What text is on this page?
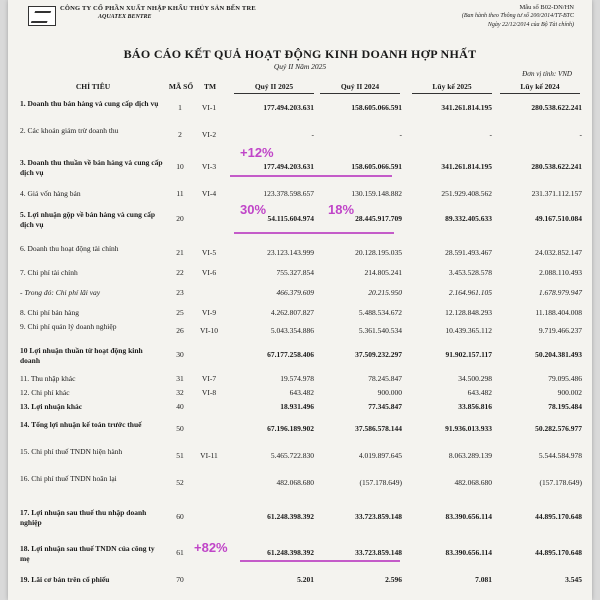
CÔNG TY CỔ PHẦN XUẤT NHẬP KHẨU THỦY SẢN BẾN TRE
AQUATEX BENTRE
Mẫu số B02-DN/HN
(Ban hành theo Thông tư số 200/2014/TT-BTC
Ngày 22/12/2014 của Bộ Tài chính)
BÁO CÁO KẾT QUẢ HOẠT ĐỘNG KINH DOANH HỢP NHẤT
Quý II Năm 2025
Đơn vị tính: VND
CHỈ TIÊU	MÃ SỐ	TM	Quý II 2025	Quý II 2024	Lũy kế 2025	Lũy kế 2024
1. Doanh thu bán hàng và cung cấp dịch vụ	1	VI-1	177.494.203.631	158.605.066.591	341.261.814.195	280.538.622.241
2. Các khoản giảm trừ doanh thu	2	VI-2	-	-	-	-
3. Doanh thu thuần về bán hàng và cung cấp dịch vụ
10	VI-3	177.494.203.631	158.605.066.591	341.261.814.195	280.538.622.241
4. Giá vốn hàng bán	11	VI-4	123.378.598.657	130.159.148.882	251.929.408.562	231.371.112.157
5. Lợi nhuận gộp về bán hàng và cung cấp dịch vụ
20	54.115.604.974	28.445.917.709	89.332.405.633	49.167.510.084
6. Doanh thu hoạt động tài chính	21	VI-5	23.123.143.999	20.128.195.035	28.591.493.467	24.032.852.147
7. Chi phí tài chính	22	VI-6	755.327.854	214.805.241	3.453.528.578	2.088.110.493
- Trong đó: Chi phí lãi vay	23	466.379.609	20.215.950	2.164.961.105	1.678.979.947
8. Chi phí bán hàng	25	VI-9	4.262.807.827	5.488.534.672	12.128.848.293	11.188.404.008
9. Chi phí quản lý doanh nghiệp	26	VI-10	5.043.354.886	5.361.540.534	10.439.365.112	9.719.466.237
10 Lợi nhuận thuần từ hoạt động kinh doanh
30	67.177.258.406	37.509.232.297	91.902.157.117	50.204.381.493
11. Thu nhập khác	31	VI-7	19.574.978	78.245.847	34.500.298	79.095.486
12. Chi phí khác	32	VI-8	643.482	900.000	643.482	900.002
13. Lợi nhuận khác	40	18.931.496	77.345.847	33.856.816	78.195.484
14. Tổng lợi nhuận kế toán trước thuế	50	67.196.189.902	37.586.578.144	91.936.013.933	50.282.576.977
15. Chi phí thuế TNDN hiện hành	51	VI-11	5.465.722.830	4.019.897.645	8.063.289.139	5.544.584.978
16. Chi phí thuế TNDN hoãn lại	52	482.068.680	(157.178.649)	482.068.680	(157.178.649)
17. Lợi nhuận sau thuế thu nhập doanh nghiệp
60	61.248.398.392	33.723.859.148	83.390.656.114	44.895.170.648
18. Lợi nhuận sau thuế TNDN của công ty mẹ
61	61.248.398.392	33.723.859.148	83.390.656.114	44.895.170.648
19. Lãi cơ bản trên cổ phiếu	70	5.201	2.596	7.081	3.545
+12%
30%	18%
+82%
